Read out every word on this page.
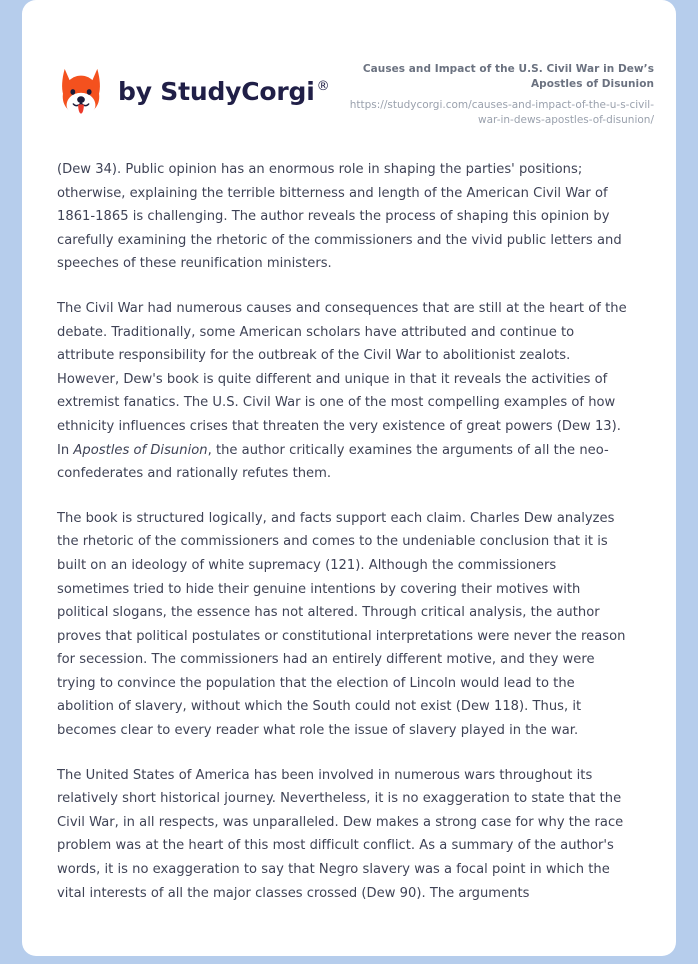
by StudyCorgi ®

Causes and Impact of the U.S. Civil War in Dew’s Apostles of Disunion

https://studycorgi.com/causes-and-impact-of-the-u-s-civil-war-in-dews-apostles-of-disunion/

(Dew 34). Public opinion has an enormous role in shaping the parties' positions; otherwise, explaining the terrible bitterness and length of the American Civil War of 1861-1865 is challenging. The author reveals the process of shaping this opinion by carefully examining the rhetoric of the commissioners and the vivid public letters and speeches of these reunification ministers.

The Civil War had numerous causes and consequences that are still at the heart of the debate. Traditionally, some American scholars have attributed and continue to attribute responsibility for the outbreak of the Civil War to abolitionist zealots. However, Dew's book is quite different and unique in that it reveals the activities of extremist fanatics. The U.S. Civil War is one of the most compelling examples of how ethnicity influences crises that threaten the very existence of great powers (Dew 13). In Apostles of Disunion, the author critically examines the arguments of all the neo-confederates and rationally refutes them.

The book is structured logically, and facts support each claim. Charles Dew analyzes the rhetoric of the commissioners and comes to the undeniable conclusion that it is built on an ideology of white supremacy (121). Although the commissioners sometimes tried to hide their genuine intentions by covering their motives with political slogans, the essence has not altered. Through critical analysis, the author proves that political postulates or constitutional interpretations were never the reason for secession. The commissioners had an entirely different motive, and they were trying to convince the population that the election of Lincoln would lead to the abolition of slavery, without which the South could not exist (Dew 118). Thus, it becomes clear to every reader what role the issue of slavery played in the war.

The United States of America has been involved in numerous wars throughout its relatively short historical journey. Nevertheless, it is no exaggeration to state that the Civil War, in all respects, was unparalleled. Dew makes a strong case for why the race problem was at the heart of this most difficult conflict. As a summary of the author's words, it is no exaggeration to say that Negro slavery was a focal point in which the vital interests of all the major classes crossed (Dew 90). The arguments
